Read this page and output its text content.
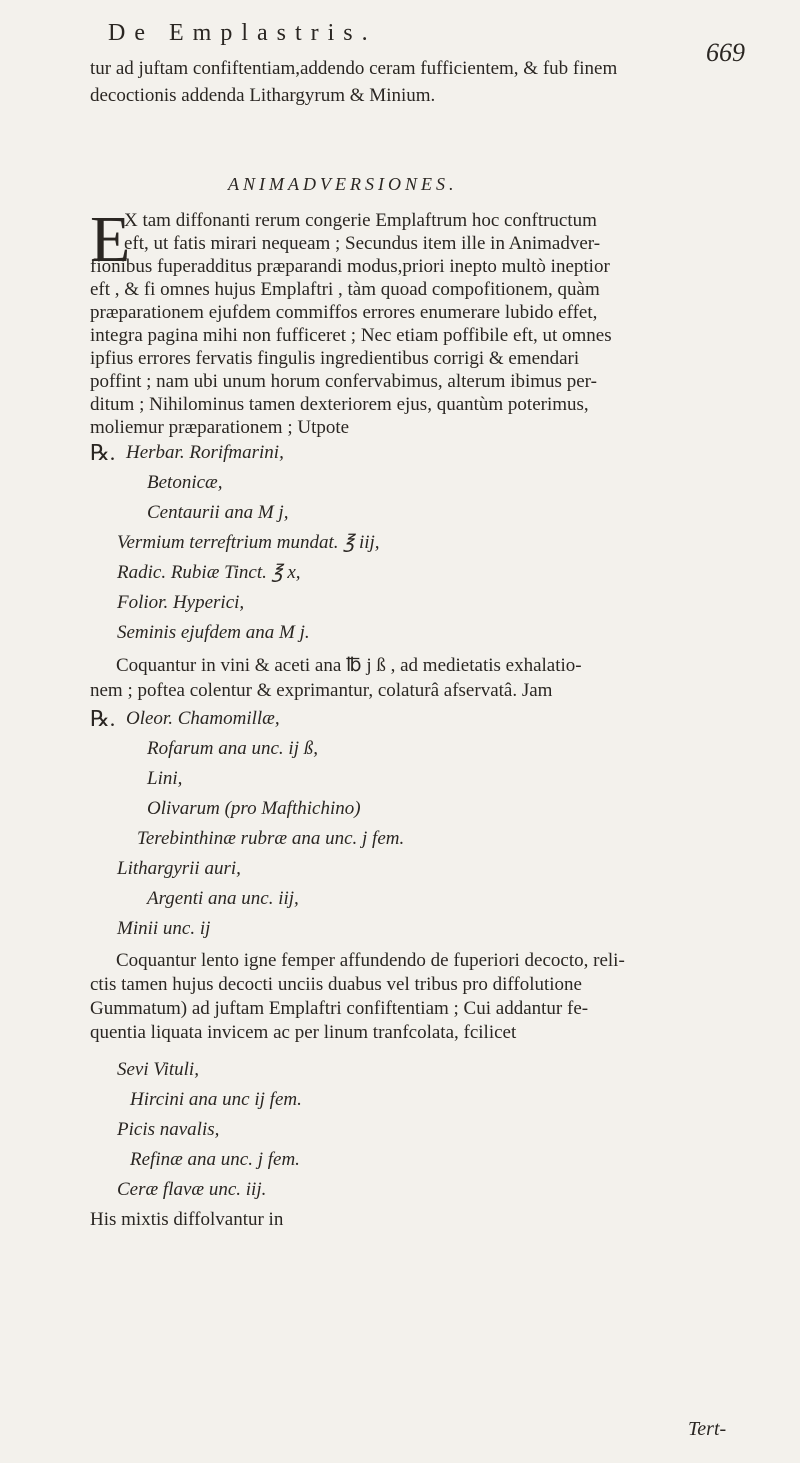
De Emplastris.
669
tur ad juftam confiftentiam,addendo ceram fufficientem, & fub finem
decoctionis addenda Lithargyrum & Minium.
ANIMADVERSIONES.
E
X tam diffonanti rerum congerie Emplaftrum hoc conftructum
eft, ut fatis mirari nequeam ; Secundus item ille in Animadver-
fionibus fuperadditus præparandi modus,priori inepto multò ineptior
eft , & fi omnes hujus Emplaftri , tàm quoad compofitionem, quàm
præparationem ejufdem commiffos errores enumerare lubido effet,
integra pagina mihi non fufficeret ; Nec etiam poffibile eft, ut omnes
ipfius errores fervatis fingulis ingredientibus corrigi & emendari
poffint ; nam ubi unum horum confervabimus, alterum ibimus per-
ditum ; Nihilominus tamen dexteriorem ejus, quantùm poterimus,
moliemur præparationem ; Utpote
℞. Herbar. Rorifmarini,
Betonicæ,
Centaurii ana M j,
Vermium terreftrium mundat. ℥ iij,
Radic. Rubiæ Tinct. ℥ x,
Folior. Hyperici,
Seminis ejufdem ana M j.
Coquantur in vini & aceti ana ℔ j ß , ad medietatis exhalatio-
nem ; poftea colentur & exprimantur, colaturâ afservatâ. Jam
℞. Oleor. Chamomillæ,
Rofarum ana unc. ij ß,
Lini,
Olivarum (pro Mafthichino)
Terebinthinæ rubræ ana unc. j fem.
Lithargyrii auri,
Argenti ana unc. iij,
Minii unc. ij
Coquantur lento igne femper affundendo de fuperiori decocto, reli-
ctis tamen hujus decocti unciis duabus vel tribus pro diffolutione
Gummatum) ad juftam Emplaftri confiftentiam ; Cui addantur fe-
quentia liquata invicem ac per linum tranfcolata, fcilicet
Sevi Vituli,
Hircini ana unc ij fem.
Picis navalis,
Refinæ ana unc. j fem.
Ceræ flavæ unc. iij.
His mixtis diffolvantur in
Tert-
